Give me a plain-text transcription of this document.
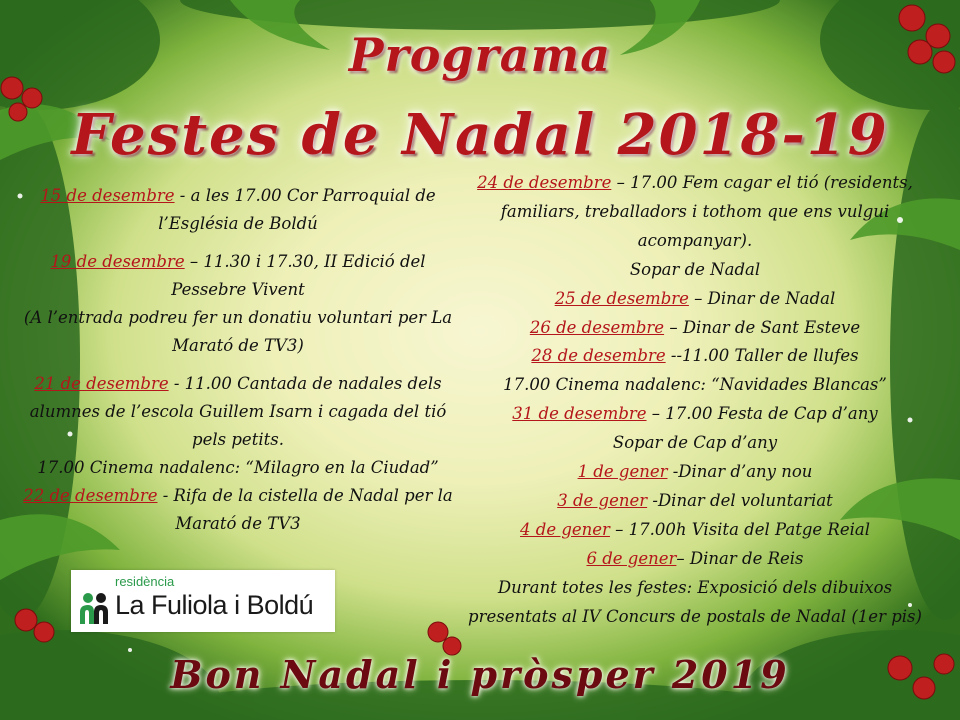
Programa
Festes de Nadal 2018-19

15 de desembre - a les 17.00 Cor Parroquial de l’Església de Boldú

19 de desembre – 11.30 i 17.30, II Edició del Pessebre Vivent
(A l’entrada podreu fer un donatiu voluntari per La Marató de TV3)

21 de desembre - 11.00 Cantada de nadales dels alumnes de l’escola Guillem Isarn i cagada del tió pels petits.
17.00 Cinema nadalenc: “Milagro en la Ciudad”

22 de desembre - Rifa de la cistella de Nadal per la Marató de TV3

24 de desembre – 17.00 Fem cagar el tió (residents, familiars, treballadors i tothom que ens vulgui acompanyar).
Sopar de Nadal
25 de desembre – Dinar de Nadal
26 de desembre – Dinar de Sant Esteve
28 de desembre --11.00 Taller de llufes
17.00 Cinema nadalenc: “Navidades Blancas”
31 de desembre – 17.00 Festa de Cap d’any
Sopar de Cap d’any
1 de gener -Dinar d’any nou
3 de gener -Dinar del voluntariat
4 de gener – 17.00h Visita del Patge Reial
6 de gener– Dinar de Reis
Durant totes les festes: Exposició dels dibuixos presentats al IV Concurs de postals de Nadal (1er pis)
residència
La Fuliola i Boldú
Bon Nadal i pròsper 2019
